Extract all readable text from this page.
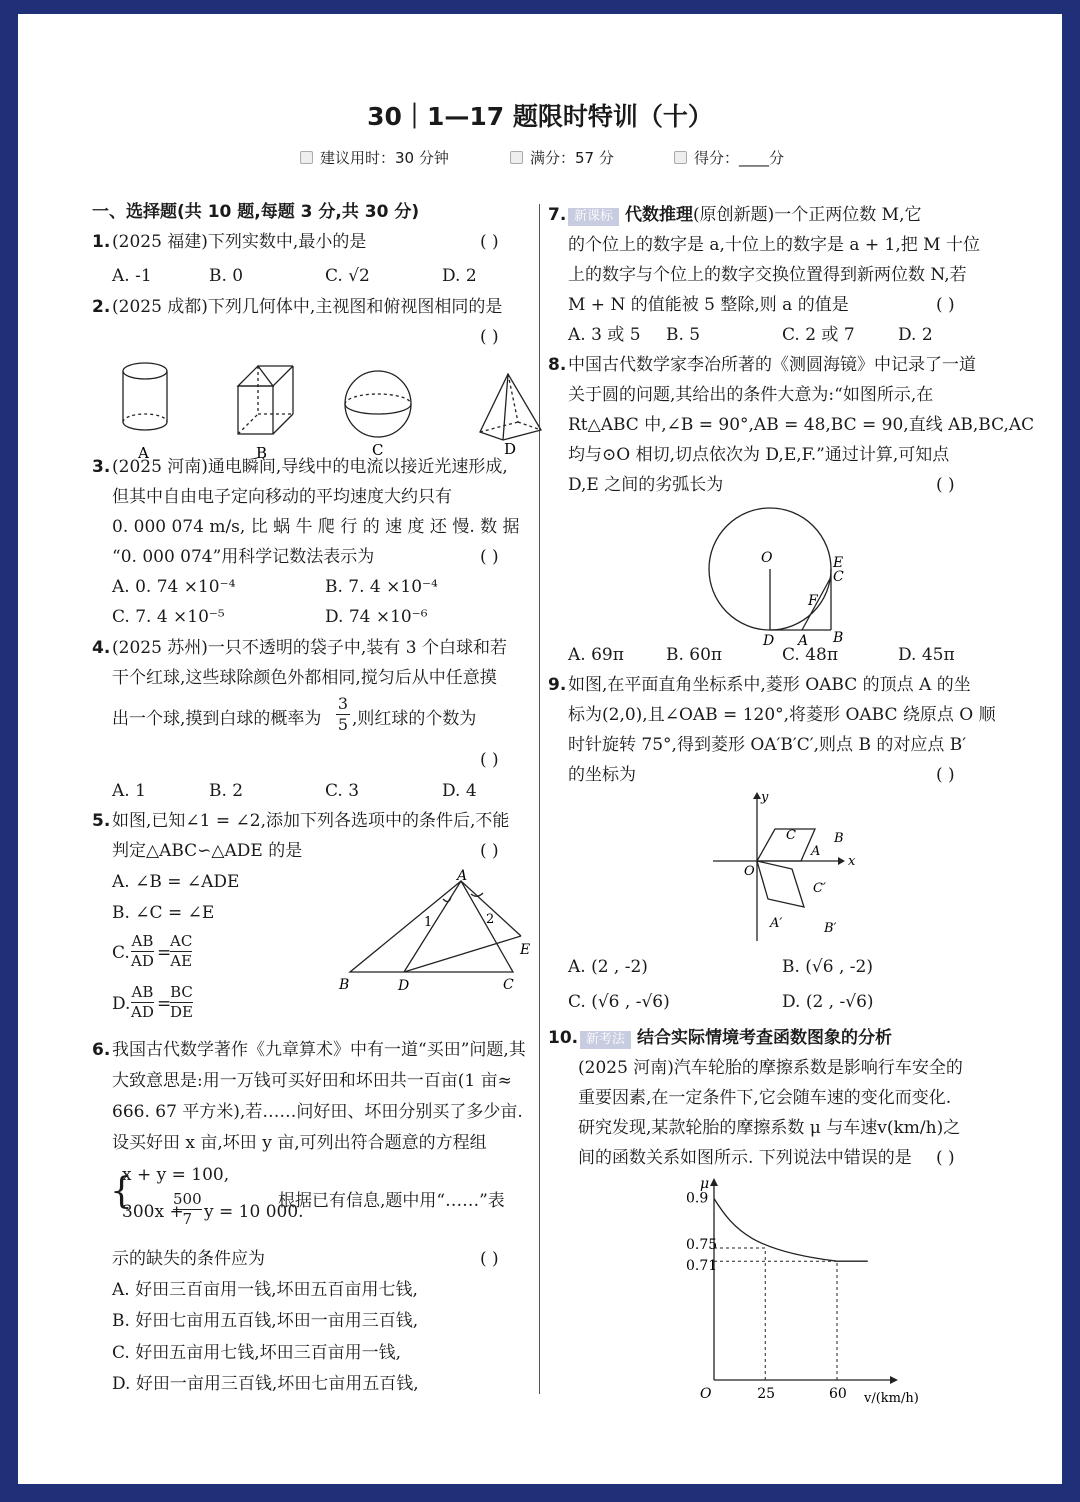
30｜1—17 题限时特训（十）
建议用时：30 分钟	满分：57 分	得分：____分
一、选择题(共 10 题,每题 3 分,共 30 分)
1. (2025 福建)下列实数中,最小的是	( )
A. -1	B. 0	C. √2	D. 2
2. (2025 成都)下列几何体中,主视图和俯视图相同的是
( )
A	B	C	D
3. (2025 河南)通电瞬间,导线中的电流以接近光速形成,
但其中自由电子定向移动的平均速度大约只有
0. 000 074 m/s, 比 蜗 牛 爬 行 的 速 度 还 慢. 数 据
“0. 000 074”用科学记数法表示为	( )
A. 0. 74 ×10⁻⁴	B. 7. 4 ×10⁻⁴
C. 7. 4 ×10⁻⁵	D. 74 ×10⁻⁶
4. (2025 苏州)一只不透明的袋子中,装有 3 个白球和若
干个红球,这些球除颜色外都相同,搅匀后从中任意摸
出一个球,摸到白球的概率为 $\frac{3}{5}$ ,则红球的个数为
( )
A. 1	B. 2	C. 3	D. 4
5. 如图,已知∠1 = ∠2,添加下列各选项中的条件后,不能
判定△ABC∽△ADE 的是	( )
A. ∠B = ∠ADE
B. ∠C = ∠E
C.
AB
AD =
AC
AE
D.
AB
AD =
BC
DE
A
B	D	C
E
1	2
6. 我国古代数学著作《九章算术》中有一道“买田”问题,其
大致意思是:用一万钱可买好田和坏田共一百亩(1 亩≈
666. 67 平方米),若……问好田、坏田分别买了多少亩.
设买好田 x 亩,坏田 y 亩,可列出符合题意的方程组
{
x + y = 100,
300x +
$\frac{500}{7}$ y = 10 000.
根据已有信息,题中用“……”表
示的缺失的条件应为	( )
A. 好田三百亩用一钱,坏田五百亩用七钱,
B. 好田七亩用五百钱,坏田一亩用三百钱,
C. 好田五亩用七钱,坏田三百亩用一钱,
D. 好田一亩用三百钱,坏田七亩用五百钱,
7. 新课标 代数推理(原创新题)一个正两位数 M,它
的个位上的数字是 a,十位上的数字是 a + 1,把 M 十位
上的数字与个位上的数字交换位置得到新两位数 N,若
M + N 的值能被 5 整除,则 a 的值是	( )
A. 3 或 5 B. 5	C. 2 或 7	D. 2
8. 中国古代数学家李冶所著的《测圆海镜》中记录了一道
关于圆的问题,其给出的条件大意为:“如图所示,在
Rt△ABC 中,∠B = 90°,AB = 48,BC = 90,直线 AB,BC,AC
均与⊙O 相切,切点依次为 D,E,F.”通过计算,可知点
D,E 之间的劣弧长为	( )
O	E
C
F
D A B
A. 69π B. 60π	C. 48π	D. 45π
9. 如图,在平面直角坐标系中,菱形 OABC 的顶点 A 的坐
标为(2,0),且∠OAB = 120°,将菱形 OABC 绕原点 O 顺
时针旋转 75°,得到菱形 OA′B′C′,则点 B 的对应点 B′
的坐标为	( )
y
x
O
A
B
C
C′
A′	B′
A. (2 , -2)	B. (√6 , -2)
C. (√6 , -√6)	D. (2 , -√6)
10. 新考法 结合实际情境考查函数图象的分析
(2025 河南)汽车轮胎的摩擦系数是影响行车安全的
重要因素,在一定条件下,它会随车速的变化而变化.
研究发现,某款轮胎的摩擦系数 μ 与车速v(km/h)之
间的函数关系如图所示. 下列说法中错误的是 ( )
25	60
0.9
0.75
0.71
μ
v/(km/h)
O
